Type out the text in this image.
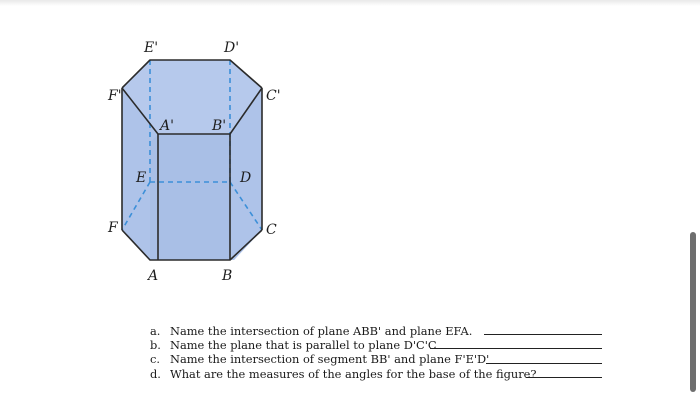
E'	D'
F'	C'
A'	B'
E	D
F	C
A	B
a. Name the intersection of plane ABB' and plane EFA.
b. Name the plane that is parallel to plane D'C'C
c. Name the intersection of segment BB' and plane F'E'D'
d. What are the measures of the angles for the base of the figure?
